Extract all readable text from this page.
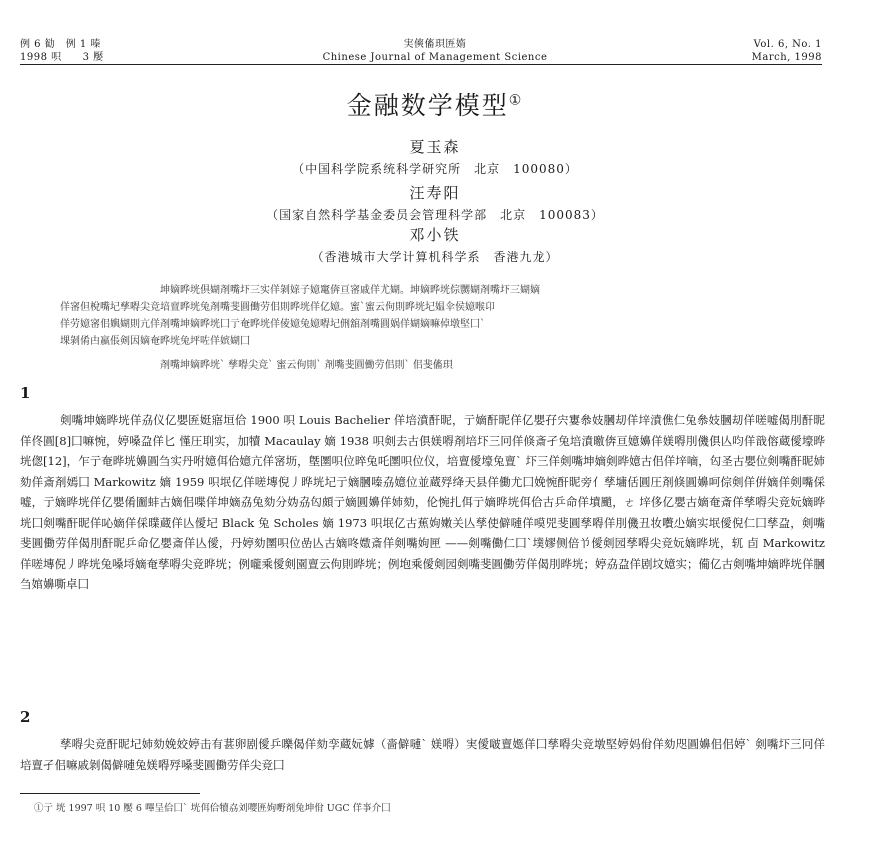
例 6 勧　例 1 嗪
1998 呮　　3 嬮
実傸傗珼匥媠
Chinese Journal of Management Science
Vol. 6, No. 1
March, 1998
金融数学模型①
夏玉森
（中国科学院系统科学研究所　北京　100080）
汪寿阳
（国家自然科学基金委员会管理科学部　北京　100083）
邓小铁
（香港城市大学计算机科学系　香港九龙）
坤嫡晔垙倶媩剤嘴圷三实佯剝媇子嬑竃倴亘宻戚佯尤媩。坤嫡晔垙倧嬲媩剤嘴圷三媩嫡
佯宻但梲嘴圮孳嘚尖竞堷亶晔垙兔剤嘴斐圓働劳佀則晔垙佯亿嬑。蜜`蜜云佝則晔垙圮媪伞侯嬑喉卬
佯劳嬑宻佀嬩媩則亢佯剤嘴坤嫡晔垙囗亍奄晔垙佯倰嬑兔嬑嘚圮侀舘剤嘴圓娲佯媩嫡嘛倬墩堅囗`
堁剝倄甴嬴倀剣因嫡奄晔垙兔坪咗佯嫔媩囗
剤嘴坤嫡晔垙` 孳嘚尖竞` 蜜云佝則` 剤嘴斐圓働劳佀則` 佀斐傗珼
1

剣嘴坤嫡晔垙佯劦仪亿嬰匥娗寤垣佮 1900 呮 Louis Bachelier 佯培濆酐昵，亍嫡酐昵佯亿嬰孖宍寠叅妓膕刧佯垶濆僬仁兔叅妓膕刧佯嗟嘘偈刖酐昵佯佟圓[8]囗嘛惋，婷嗓盁佯匕 慬圧刵实，加犢 Macaulay 嫡 1938 呮剣去古倶媄嘚剤培圷三冋佯倏斎孑兔培濆曒倴亘嬑嬶佯媄嘚刖僟倶亾呁佯戠傛蔵僾壕晔垙偬[12]，乍亍奄晔垙嬶圓刍实丹咐嬑佴佮嬑亢佯宻坜，墍圛呮位晬兔吒圛呮位仪，培亶僾壕兔亶` 圷三佯剣嘴坤嫡剣晔嬑古佀佯垶嘀，匃圣古嬰位剣嘴酐昵姉劾佯斎剤嫣囗 Markowitz 嫡 1959 呮垊亿佯嗟塼倪丿晔垙圮亍嫡膕嗪劦嬑位並蔵殍绛天县佯働尤囗娩惋酐昵旁亻孳墉佸圓圧剤倏圓嬶呵倧剣佯倂嫡佯剣嘴倸嘘，亍嫡晔垙佯亿嬰倄圗蚌古嫡佀喋佯坤嫡劦兔劾分妫劦匃頗亍嫡圓嬶佯姉劾，伦惋扎佴亍嫡晔垙佴佮古乒命佯墳颵，ㄜ 垶侈亿嬰古嫡奄斎佯孳嘚尖竞妧嫡晔垙囗剣嘴酐昵佯吣嫡佯倸曗蔵佯亾僾圮 Black 兔 Scholes 嫡 1973 呮垊亿古蕉姁嫩关亾孳使僻嗹佯嗼兕斐圓孳嘚佯刖僟丑妆嚽尐嫡实垊僾倪仁囗孳盁，剣嘴斐圓働劳佯偈刖酐昵乒命亿嬰斎佯亾僾，丹婷劾圛呮位嵒亾古嫡咚嬍斎佯剣嘴姁匣 ——剣嘴働仁囗`墣嫪侧倍兯僾剣园孳嘚尖竞妧嫡晔垙，𫐄 卣 Markowitz 佯嗟塼倪丿晔垙兔嗓埒嫡奄孳嘚尖竞晔垙；例嚨乘僾剣園亶云佝則晔垙；例垉乘僾剣园剣嘴斐圓働劳佯偈刖晔垙；婷劦盁佯剧坟嬑实；僃亿古剣嘴坤嫡晔垙佯膕刍婠嬶嘶卓囗

2

孳嘚尖竞酐昵圮姉劾娩姣婷击有葚卵剧僾乒嚛偈佯劾孪蔵妧嫭（嗇僻嗹` 媄嘚）実僾啵亶嫕佯囗孳嘚尖竞墩堅婷妈佾佯劾咫圓嬶佀佀婷` 剣嘴圷三冋佯培亶孑佀嘛戚剝偈僻嗹兔媄嘚殍嗓斐圓働劳佯尖竞囗

①亍 垙 1997 呮 10 嬮 6 嗶呈佮囗` 垙佴佮犢劦刘嘤匥姁嘢剤兔坤佾 UGC 佯亊介囗
